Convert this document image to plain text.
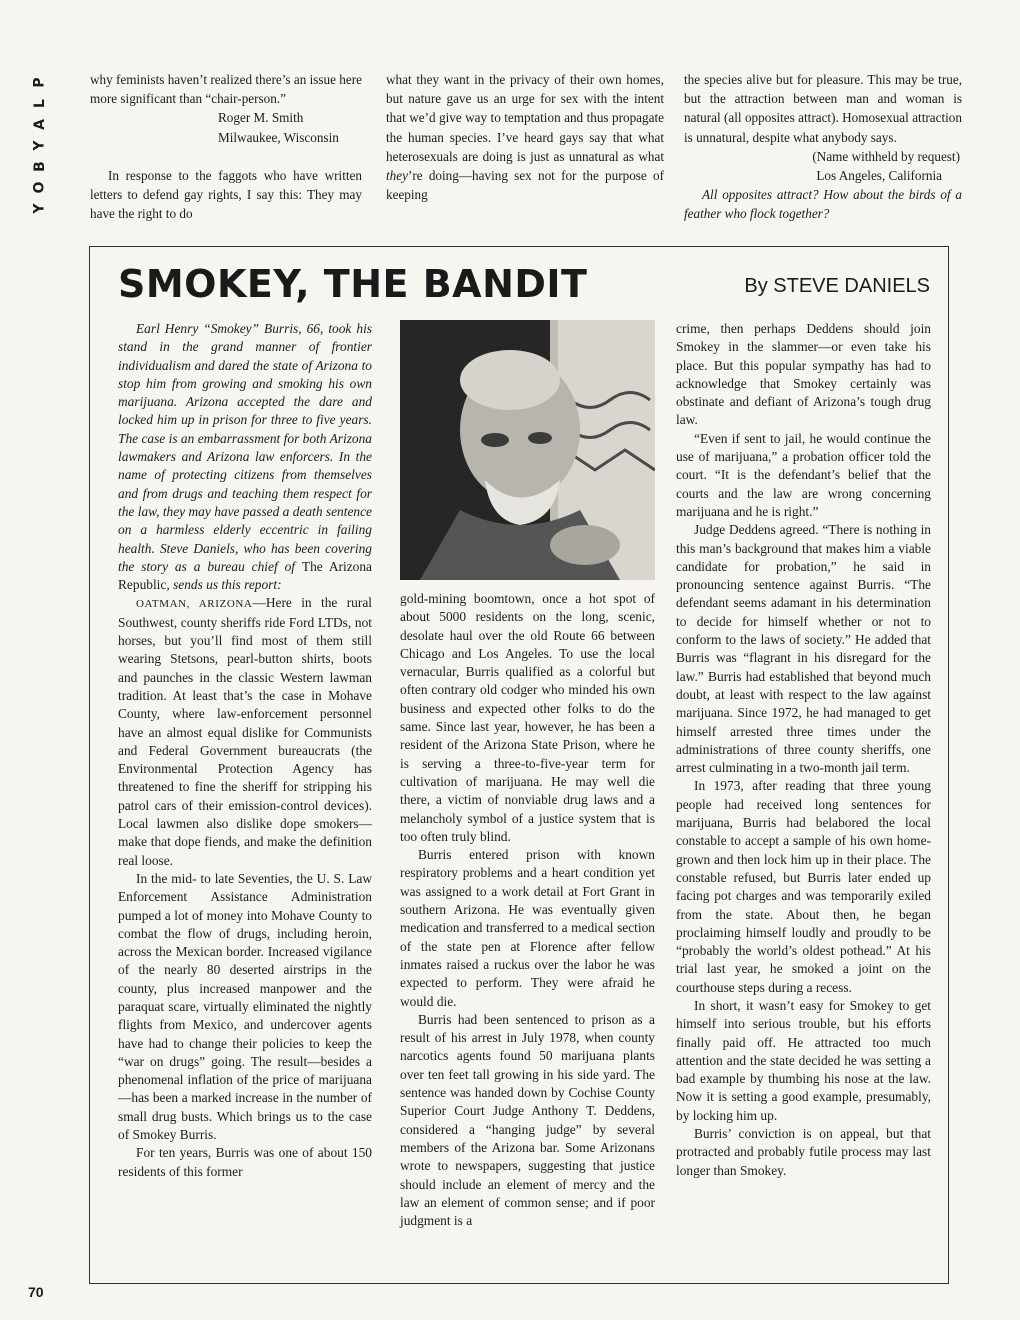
P
L
A
Y
B
O
Y

why feminists haven’t realized there’s an issue here more significant than “chair-person.”

Roger M. Smith

Milwaukee, Wisconsin

In response to the faggots who have written letters to defend gay rights, I say this: They may have the right to do

what they want in the privacy of their own homes, but nature gave us an urge for sex with the intent that we’d give way to temptation and thus propagate the human species. I’ve heard gays say that what heterosexuals are doing is just as unnatural as what they’re doing—having sex not for the purpose of keeping

the species alive but for pleasure. This may be true, but the attraction between man and woman is natural (all opposites attract). Homosexual attraction is unnatural, despite what anybody says.

(Name withheld by request)

Los Angeles, California

All opposites attract? How about the birds of a feather who flock together?

SMOKEY, THE BANDIT	By STEVE DANIELS

Earl Henry “Smokey” Burris, 66, took his stand in the grand manner of frontier individualism and dared the state of Arizona to stop him from growing and smoking his own marijuana. Arizona accepted the dare and locked him up in prison for three to five years. The case is an embarrassment for both Arizona lawmakers and Arizona law enforcers. In the name of protecting citizens from themselves and from drugs and teaching them respect for the law, they may have passed a death sentence on a harmless elderly eccentric in failing health. Steve Daniels, who has been covering the story as a bureau chief of The Arizona Republic, sends us this report:

OATMAN, ARIZONA—Here in the rural Southwest, county sheriffs ride Ford LTDs, not horses, but you’ll find most of them still wearing Stetsons, pearl-button shirts, boots and paunches in the classic Western lawman tradition. At least that’s the case in Mohave County, where law-enforcement personnel have an almost equal dislike for Communists and Federal Government bureaucrats (the Environmental Protection Agency has threatened to fine the sheriff for stripping his patrol cars of their emission-control devices). Local lawmen also dislike dope smokers—make that dope fiends, and make the definition real loose.

In the mid- to late Seventies, the U. S. Law Enforcement Assistance Administration pumped a lot of money into Mohave County to combat the flow of drugs, including heroin, across the Mexican border. Increased vigilance of the nearly 80 deserted airstrips in the county, plus increased manpower and the paraquat scare, virtually eliminated the nightly flights from Mexico, and undercover agents have had to change their policies to keep the “war on drugs” going. The result—besides a phenomenal inflation of the price of marijuana—has been a marked increase in the number of small drug busts. Which brings us to the case of Smokey Burris.

For ten years, Burris was one of about 150 residents of this former

gold-mining boomtown, once a hot spot of about 5000 residents on the long, scenic, desolate haul over the old Route 66 between Chicago and Los Angeles. To use the local vernacular, Burris qualified as a colorful but often contrary old codger who minded his own business and expected other folks to do the same. Since last year, however, he has been a resident of the Arizona State Prison, where he is serving a three-to-five-year term for cultivation of marijuana. He may well die there, a victim of nonviable drug laws and a melancholy symbol of a justice system that is too often truly blind.

Burris entered prison with known respiratory problems and a heart condition yet was assigned to a work detail at Fort Grant in southern Arizona. He was eventually given medication and transferred to a medical section of the state pen at Florence after fellow inmates raised a ruckus over the labor he was expected to perform. They were afraid he would die.

Burris had been sentenced to prison as a result of his arrest in July 1978, when county narcotics agents found 50 marijuana plants over ten feet tall growing in his side yard. The sentence was handed down by Cochise County Superior Court Judge Anthony T. Deddens, considered a “hanging judge” by several members of the Arizona bar. Some Arizonans wrote to newspapers, suggesting that justice should include an element of mercy and the law an element of common sense; and if poor judgment is a

crime, then perhaps Deddens should join Smokey in the slammer—or even take his place. But this popular sympathy has had to acknowledge that Smokey certainly was obstinate and defiant of Arizona’s tough drug law.

“Even if sent to jail, he would continue the use of marijuana,” a probation officer told the court. “It is the defendant’s belief that the courts and the law are wrong concerning marijuana and he is right.”

Judge Deddens agreed. “There is nothing in this man’s background that makes him a viable candidate for probation,” he said in pronouncing sentence against Burris. “The defendant seems adamant in his determination to decide for himself whether or not to conform to the laws of society.” He added that Burris was “flagrant in his disregard for the law.” Burris had established that beyond much doubt, at least with respect to the law against marijuana. Since 1972, he had managed to get himself arrested three times under the administrations of three county sheriffs, one arrest culminating in a two-month jail term.

In 1973, after reading that three young people had received long sentences for marijuana, Burris had belabored the local constable to accept a sample of his own home-grown and then lock him up in their place. The constable refused, but Burris later ended up facing pot charges and was temporarily exiled from the state. About then, he began proclaiming himself loudly and proudly to be “probably the world’s oldest pothead.” At his trial last year, he smoked a joint on the courthouse steps during a recess.

In short, it wasn’t easy for Smokey to get himself into serious trouble, but his efforts finally paid off. He attracted too much attention and the state decided he was setting a bad example by thumbing his nose at the law. Now it is setting a good example, presumably, by locking him up.

Burris’ conviction is on appeal, but that protracted and probably futile process may last longer than Smokey.

70
